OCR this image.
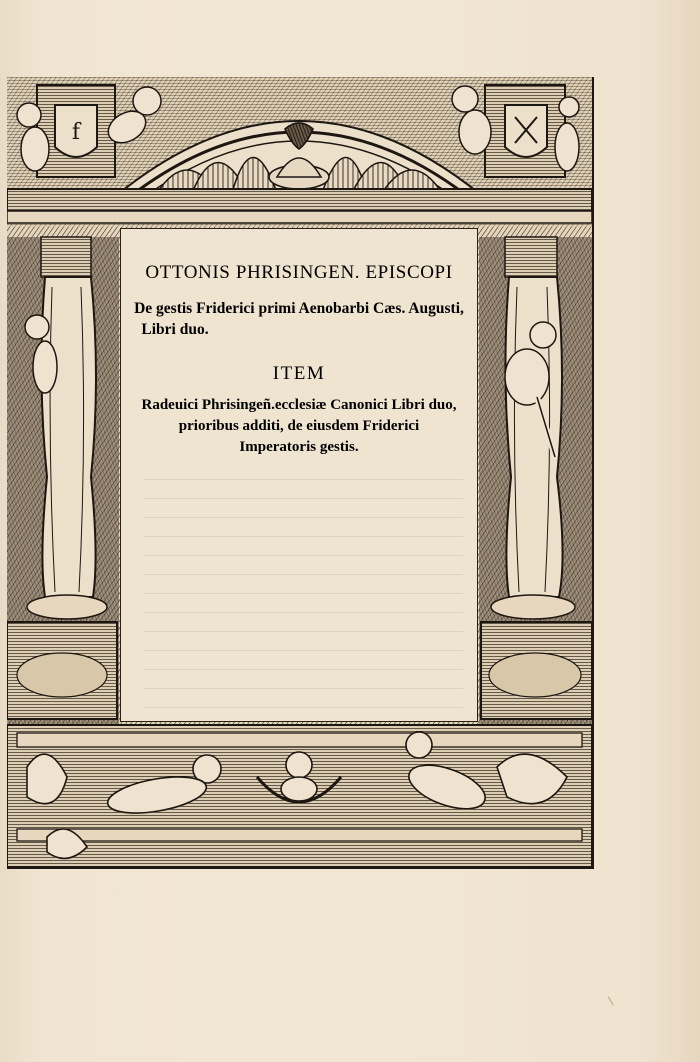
f
OTTONIS PHRISINGEN. EPISCOPI
De gestis Friderici primi Aenobarbi Cæs. Augusti,
Libri duo.
ITEM
Radeuici Phrisingeñ.ecclesiæ Canonici Libri duo,
prioribus additi, de eiusdem Friderici
Imperatoris gestis.
